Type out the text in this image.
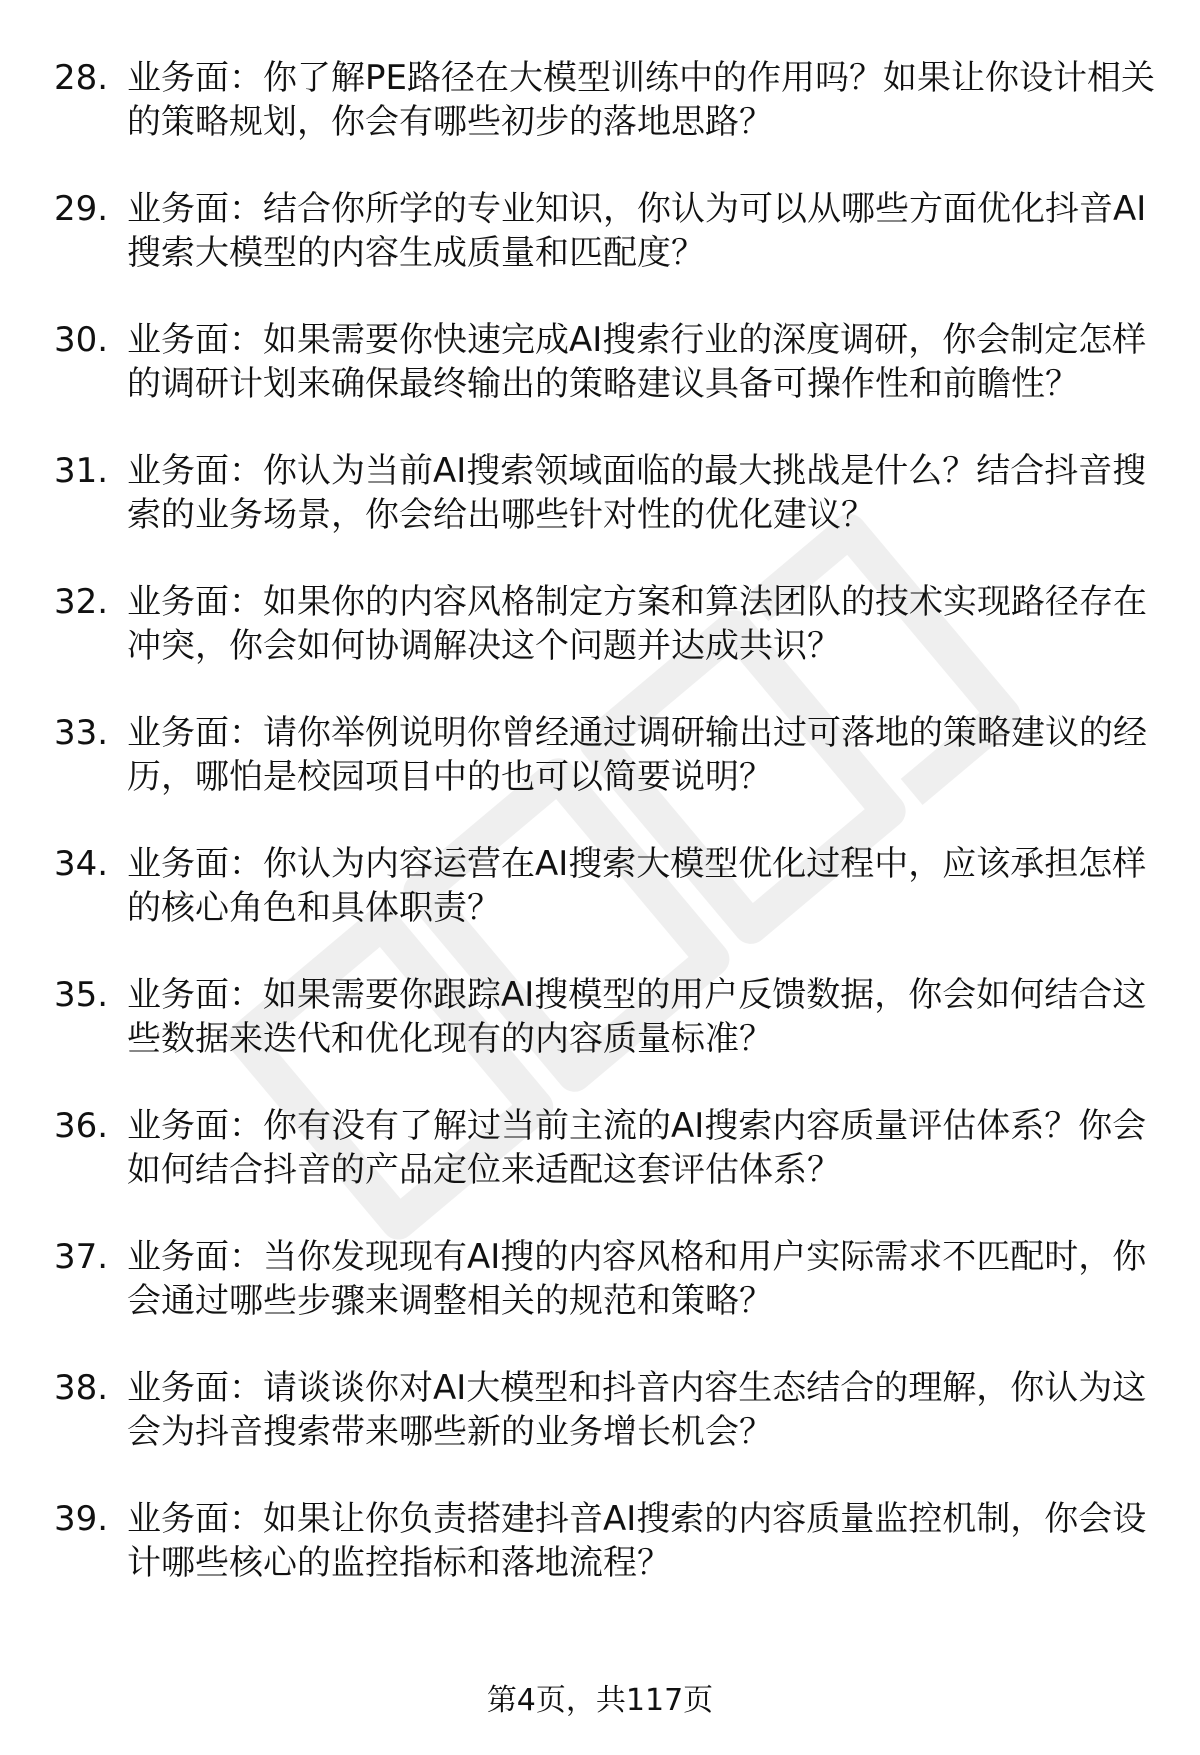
28. 业务面：你了解PE路径在大模型训练中的作用吗？如果让你设计相关的策略规划，你会有哪些初步的落地思路？
29. 业务面：结合你所学的专业知识，你认为可以从哪些方面优化抖音AI搜索大模型的内容生成质量和匹配度？
30. 业务面：如果需要你快速完成AI搜索行业的深度调研，你会制定怎样的调研计划来确保最终输出的策略建议具备可操作性和前瞻性？
31. 业务面：你认为当前AI搜索领域面临的最大挑战是什么？结合抖音搜索的业务场景，你会给出哪些针对性的优化建议？
32. 业务面：如果你的内容风格制定方案和算法团队的技术实现路径存在冲突，你会如何协调解决这个问题并达成共识？
33. 业务面：请你举例说明你曾经通过调研输出过可落地的策略建议的经历，哪怕是校园项目中的也可以简要说明？
34. 业务面：你认为内容运营在AI搜索大模型优化过程中，应该承担怎样的核心角色和具体职责？
35. 业务面：如果需要你跟踪AI搜模型的用户反馈数据，你会如何结合这些数据来迭代和优化现有的内容质量标准？
36. 业务面：你有没有了解过当前主流的AI搜索内容质量评估体系？你会如何结合抖音的产品定位来适配这套评估体系？
37. 业务面：当你发现现有AI搜的内容风格和用户实际需求不匹配时，你会通过哪些步骤来调整相关的规范和策略？
38. 业务面：请谈谈你对AI大模型和抖音内容生态结合的理解，你认为这会为抖音搜索带来哪些新的业务增长机会？
39. 业务面：如果让你负责搭建抖音AI搜索的内容质量监控机制，你会设计哪些核心的监控指标和落地流程？
第4页，共117页
